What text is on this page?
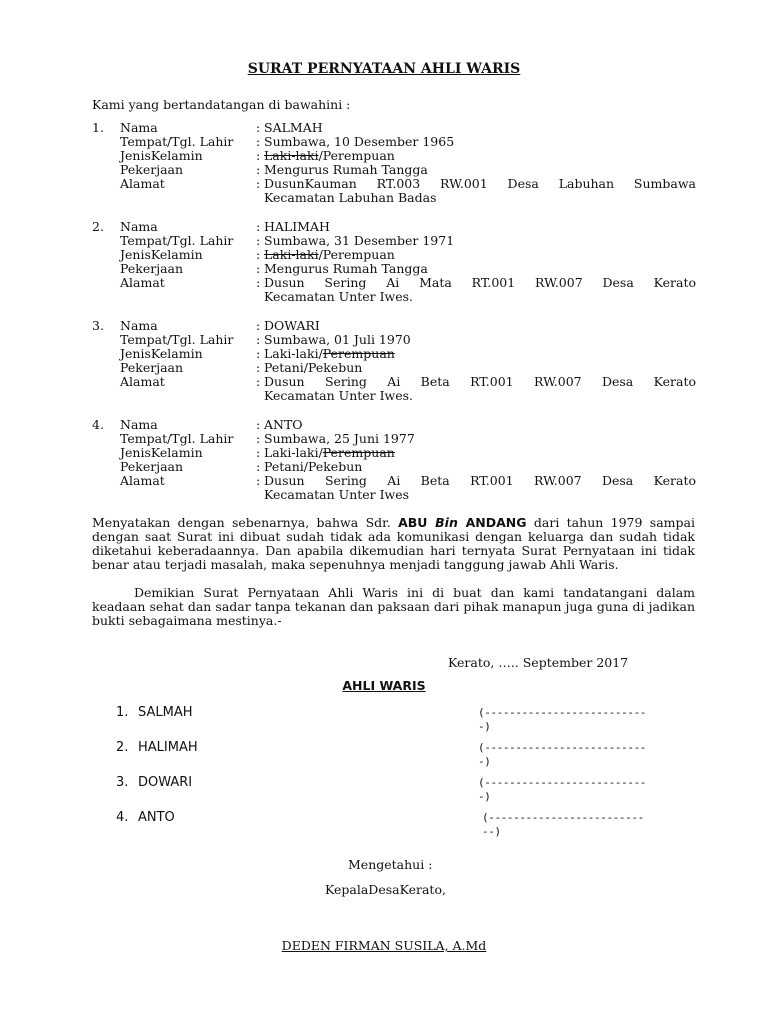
SURAT PERNYATAAN AHLI WARIS
Kami yang bertandatangan di bawahini :
1.	Nama	: SALMAH
Tempat/Tgl. Lahir	: Sumbawa, 10 Desember 1965
JenisKelamin	: Laki-laki/Perempuan
Pekerjaan	: Mengurus Rumah Tangga
Alamat	: DusunKauman RT.003 RW.001 Desa Labuhan Sumbawa
Kecamatan Labuhan Badas
2.	Nama	: HALIMAH
Tempat/Tgl. Lahir	: Sumbawa, 31 Desember 1971
JenisKelamin	: Laki-laki/Perempuan
Pekerjaan	: Mengurus Rumah Tangga
Alamat	: Dusun Sering Ai Mata RT.001 RW.007 Desa Kerato
Kecamatan Unter Iwes.
3.	Nama	: DOWARI
Tempat/Tgl. Lahir	: Sumbawa, 01 Juli 1970
JenisKelamin	: Laki-laki/Perempuan
Pekerjaan	: Petani/Pekebun
Alamat	: Dusun Sering Ai Beta RT.001 RW.007 Desa Kerato
Kecamatan Unter Iwes.
4.	Nama	: ANTO
Tempat/Tgl. Lahir	: Sumbawa, 25 Juni 1977
JenisKelamin	: Laki-laki/Perempuan
Pekerjaan	: Petani/Pekebun
Alamat	: Dusun Sering Ai Beta RT.001 RW.007 Desa Kerato
Kecamatan Unter Iwes
Menyatakan dengan sebenarnya, bahwa Sdr. ABU Bin ANDANG dari tahun 1979 sampai dengan saat Surat ini dibuat sudah tidak ada komunikasi dengan keluarga dan sudah tidak diketahui keberadaannya. Dan apabila dikemudian hari ternyata Surat Pernyataan ini tidak benar atau terjadi masalah, maka sepenuhnya menjadi tanggung jawab Ahli Waris.
Demikian Surat Pernyataan Ahli Waris ini di buat dan kami tandatangani dalam keadaan sehat dan sadar tanpa tekanan dan paksaan dari pihak manapun juga guna di jadikan bukti sebagaimana mestinya.-
Kerato, ….. September 2017
AHLI WARIS
1. SALMAH	(---------------------------)
2. HALIMAH	(---------------------------)
3. DOWARI	(---------------------------)
4. ANTO	(---------------------------)
Mengetahui :
KepalaDesaKerato,
DEDEN FIRMAN SUSILA, A.Md
